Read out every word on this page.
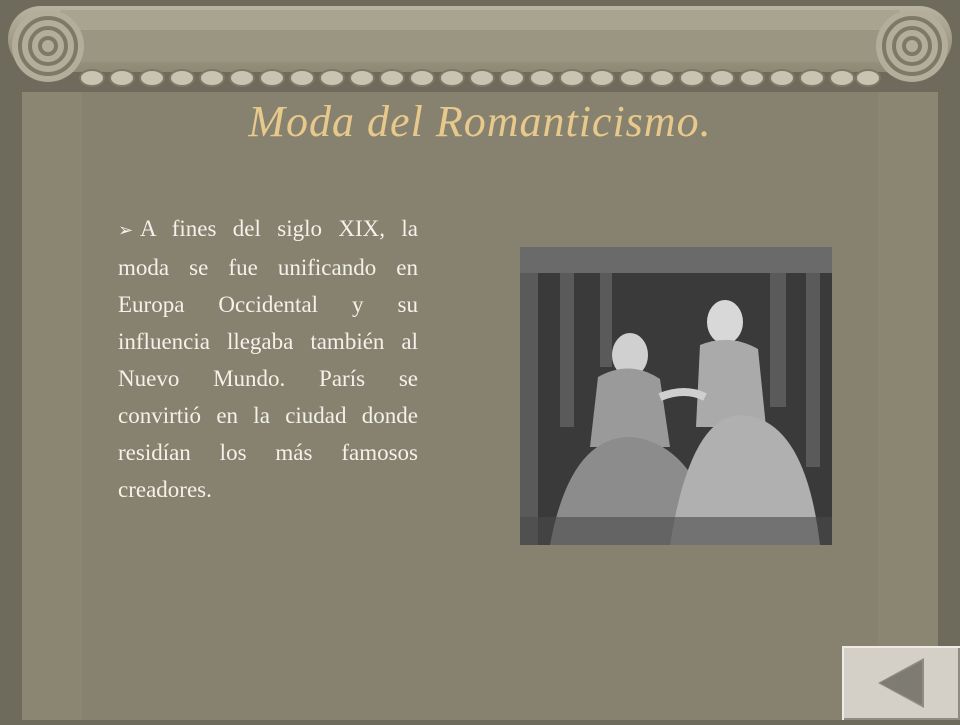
Moda del Romanticismo.
➢ A fines del siglo XIX, la moda se fue unificando en Europa Occidental y su influencia llegaba también al Nuevo Mundo. París se convirtió en la ciudad donde residían los más famosos creadores.
